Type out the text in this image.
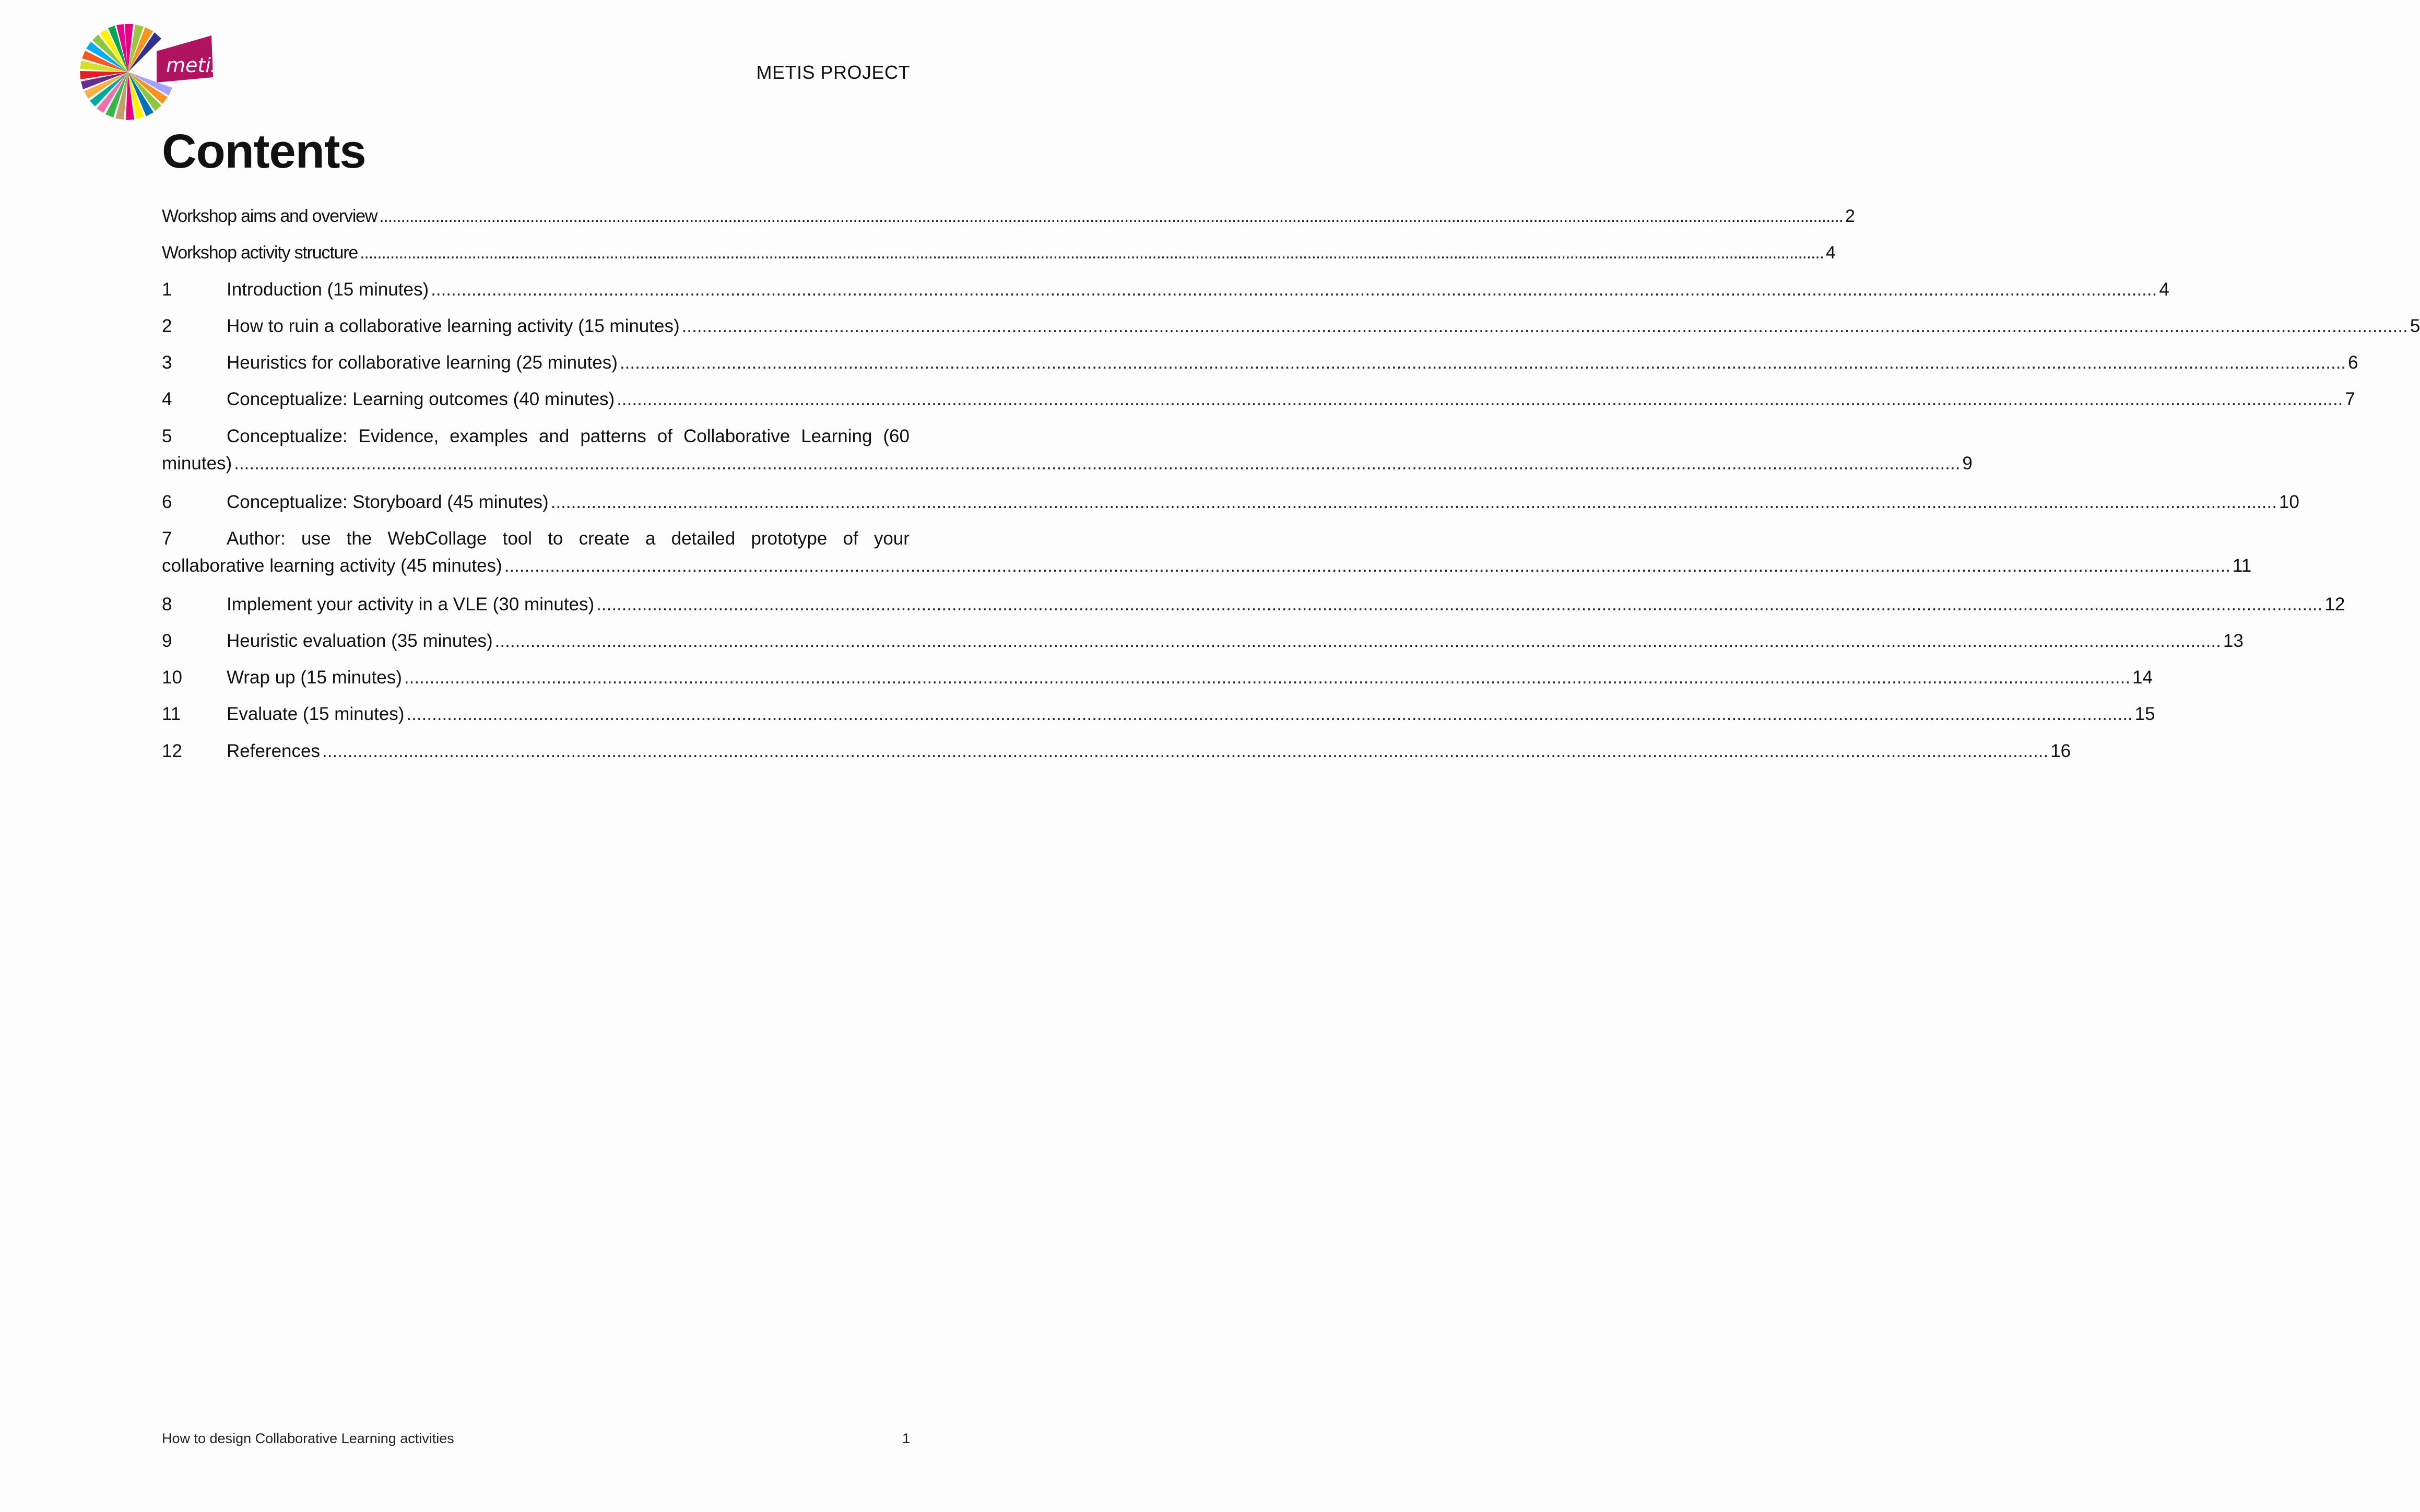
metis	METIS PROJECT
Contents
Workshop aims and overview .....	2
Workshop activity structure .....	4
1	Introduction (15 minutes) .....	4
2	How to ruin a collaborative learning activity (15 minutes) .....	5
3	Heuristics for collaborative learning (25 minutes) .....	6
4	Conceptualize: Learning outcomes (40 minutes) .....	7
5	Conceptualize: Evidence, examples and patterns of Collaborative Learning (60
minutes) .....	9
6	Conceptualize: Storyboard (45 minutes) .....	10
7	Author: use the WebCollage tool to create a detailed prototype of your
collaborative learning activity (45 minutes) .....	11
8	Implement your activity in a VLE (30 minutes) .....	12
9	Heuristic evaluation (35 minutes) .....	13
10	Wrap up (15 minutes) .....	14
11	Evaluate (15 minutes) .....	15
12	References .....	16
How to design Collaborative Learning activities	1
